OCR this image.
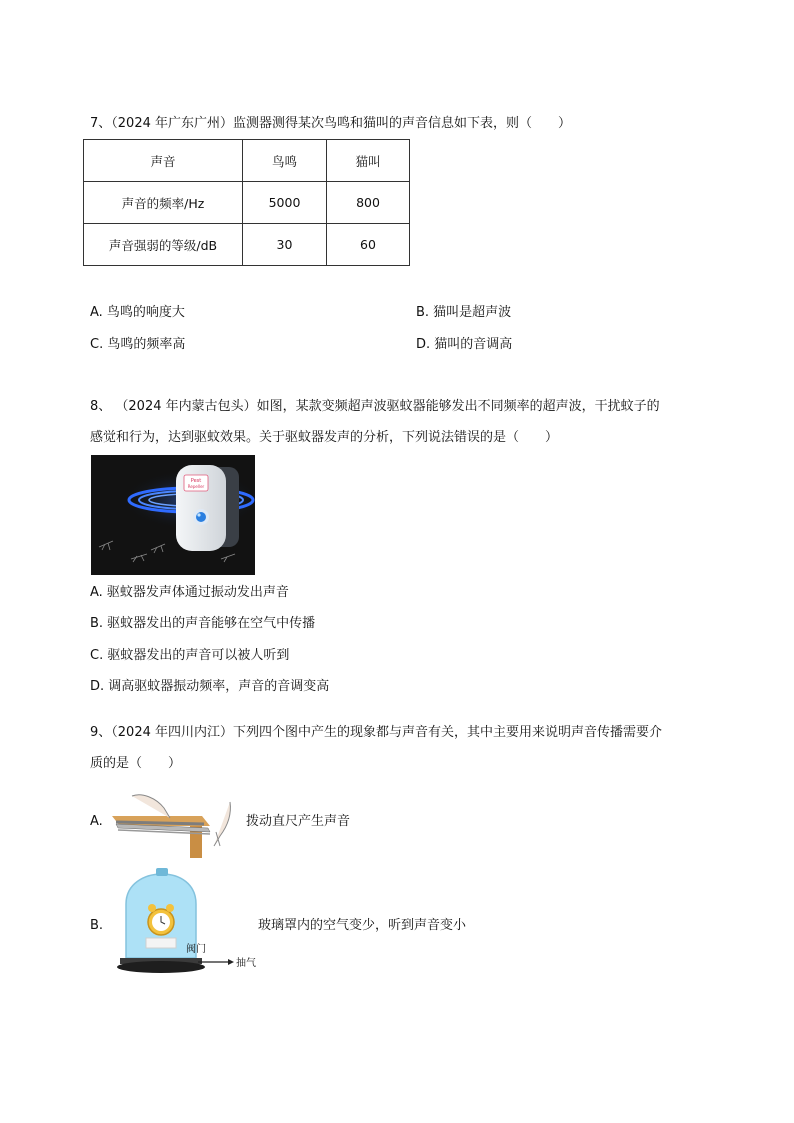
7、（2024 年广东广州）监测器测得某次鸟鸣和猫叫的声音信息如下表，则（　　）
声音	鸟鸣	猫叫
声音的频率/Hz	5000	800
声音强弱的等级/dB	30	60
A. 鸟鸣的响度大	B. 猫叫是超声波
C. 鸟鸣的频率高	D. 猫叫的音调高
8、 （2024 年内蒙古包头）如图，某款变频超声波驱蚊器能够发出不同频率的超声波，干扰蚊子的
感觉和行为，达到驱蚊效果。关于驱蚊器发声的分析，下列说法错误的是（　　）
Pest
Repeller
A. 驱蚊器发声体通过振动发出声音
B. 驱蚊器发出的声音能够在空气中传播
C. 驱蚊器发出的声音可以被人听到
D. 调高驱蚊器振动频率，声音的音调变高
9、（2024 年四川内江）下列四个图中产生的现象都与声音有关，其中主要用来说明声音传播需要介
质的是（　　）
A.	拨动直尺产生声音
B.
阀门
抽气
玻璃罩内的空气变少，听到声音变小
